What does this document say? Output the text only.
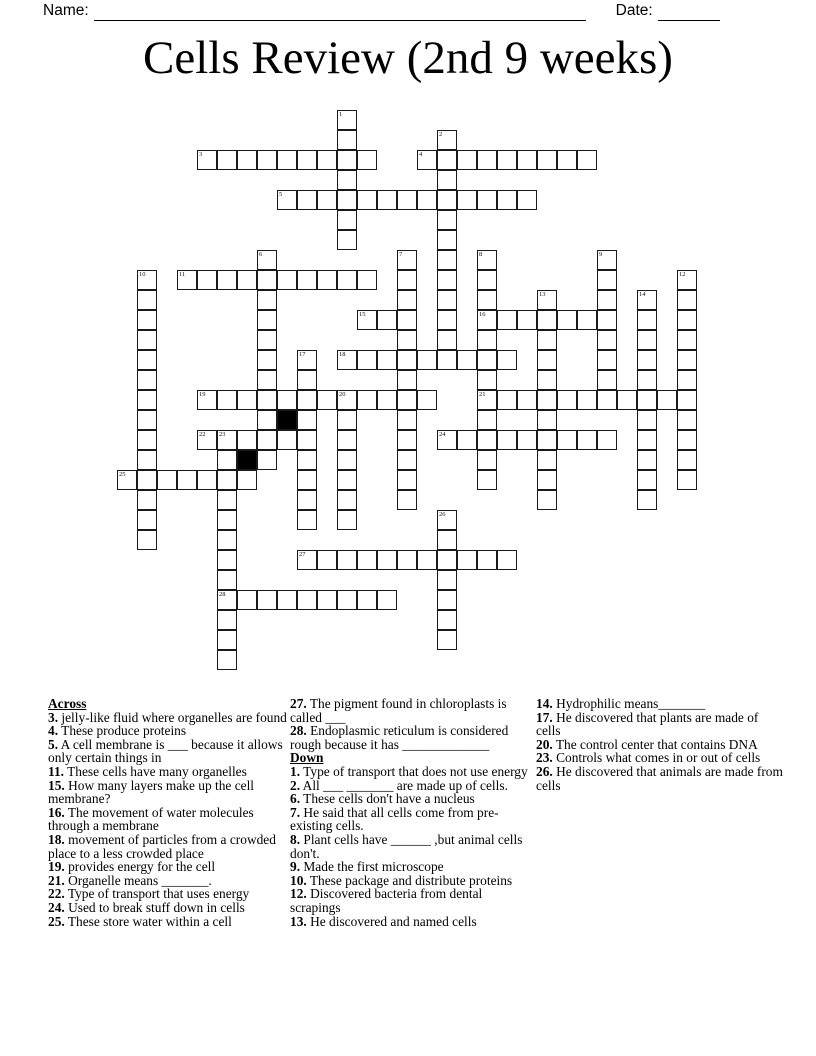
Name:	Date:
Cells Review (2nd 9 weeks)
3	4
5
11
15	16
18
19	20	21
22 23	24
25
27
28
1
2
6	7	8	9
10	12
13	14
17
26
Across
3. jelly-like fluid where organelles are found
4. These produce proteins
5. A cell membrane is ___ because it allows only certain things in
11. These cells have many organelles
15. How many layers make up the cell membrane?
16. The movement of water molecules through a membrane
18. movement of particles from a crowded place to a less crowded place
19. provides energy for the cell
21. Organelle means _______.
22. Type of transport that uses energy
24. Used to break stuff down in cells
25. These store water within a cell
27. The pigment found in chloroplasts is called ___
28. Endoplasmic reticulum is considered rough because it has _____________
Down
1. Type of transport that does not use energy
2. All ___ _______ are made up of cells.
6. These cells don't have a nucleus
7. He said that all cells come from pre-existing cells.
8. Plant cells have ______ ,but animal cells don't.
9. Made the first microscope
10. These package and distribute proteins
12. Discovered bacteria from dental scrapings
13. He discovered and named cells
14. Hydrophilic means_______
17. He discovered that plants are made of cells
20. The control center that contains DNA
23. Controls what comes in or out of cells
26. He discovered that animals are made from cells
